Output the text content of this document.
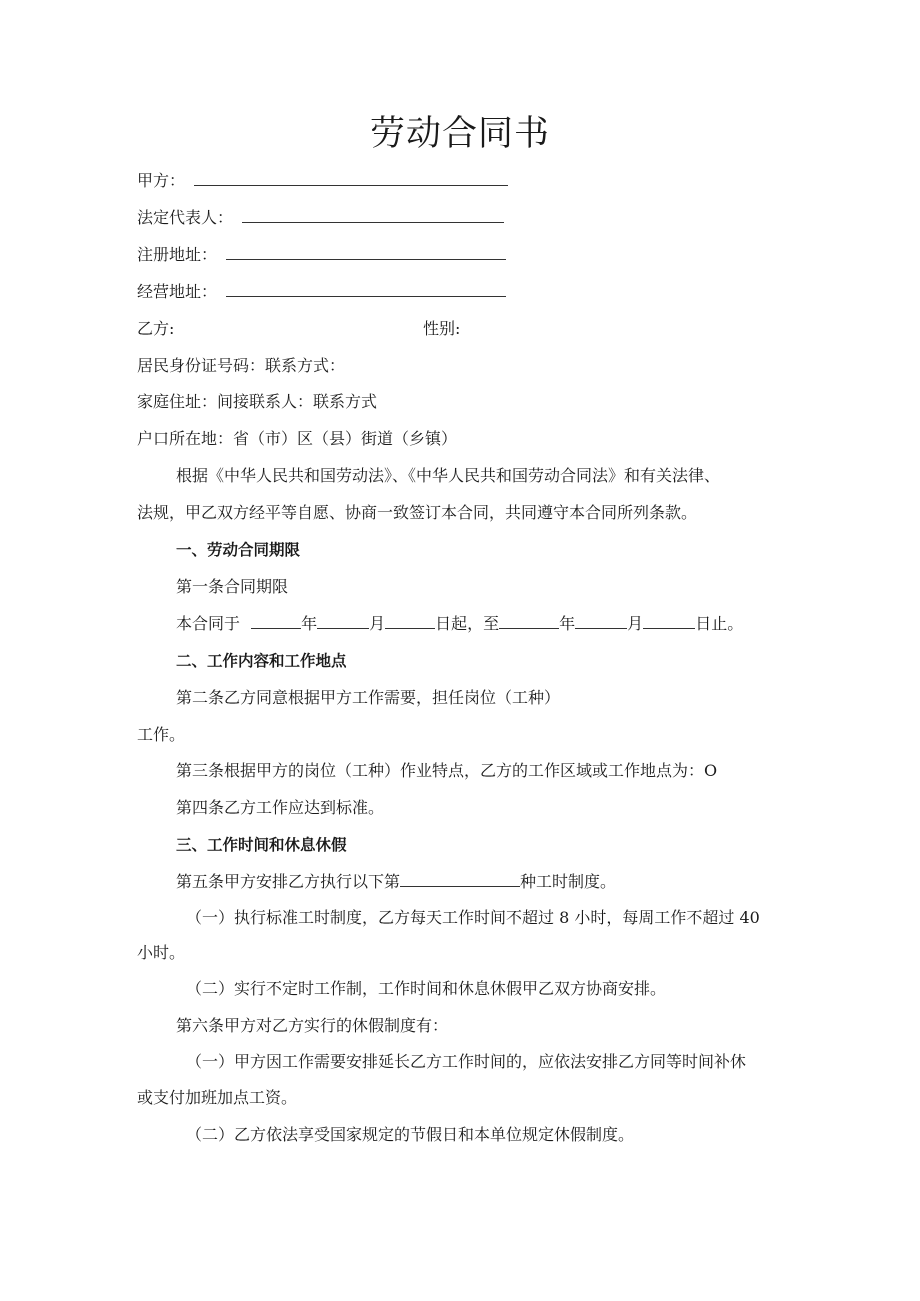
劳动合同书
甲方：
法定代表人：
注册地址：
经营地址：
乙方:	性别:
居民身份证号码：联系方式：
家庭住址：间接联系人：联系方式
户口所在地：省（市）区（县）街道（乡镇）
根据《中华人民共和国劳动法》、《中华人民共和国劳动合同法》和有关法律、
法规，甲乙双方经平等自愿、协商一致签订本合同，共同遵守本合同所列条款。
一、劳动合同期限
第一条合同期限
本合同于	年	月	日起，至	年	月	日止。
二、工作内容和工作地点
第二条乙方同意根据甲方工作需要，担任岗位（工种）
工作。
第三条根据甲方的岗位（工种）作业特点，乙方的工作区域或工作地点为：O
第四条乙方工作应达到标准。
三、工作时间和休息休假
第五条甲方安排乙方执行以下第	种工时制度。
（一）执行标准工时制度，乙方每天工作时间不超过 8 小时，每周工作不超过 40
小时。
（二）实行不定时工作制，工作时间和休息休假甲乙双方协商安排。
第六条甲方对乙方实行的休假制度有：
（一）甲方因工作需要安排延长乙方工作时间的，应依法安排乙方同等时间补休
或支付加班加点工资。
（二）乙方依法享受国家规定的节假日和本单位规定休假制度。
